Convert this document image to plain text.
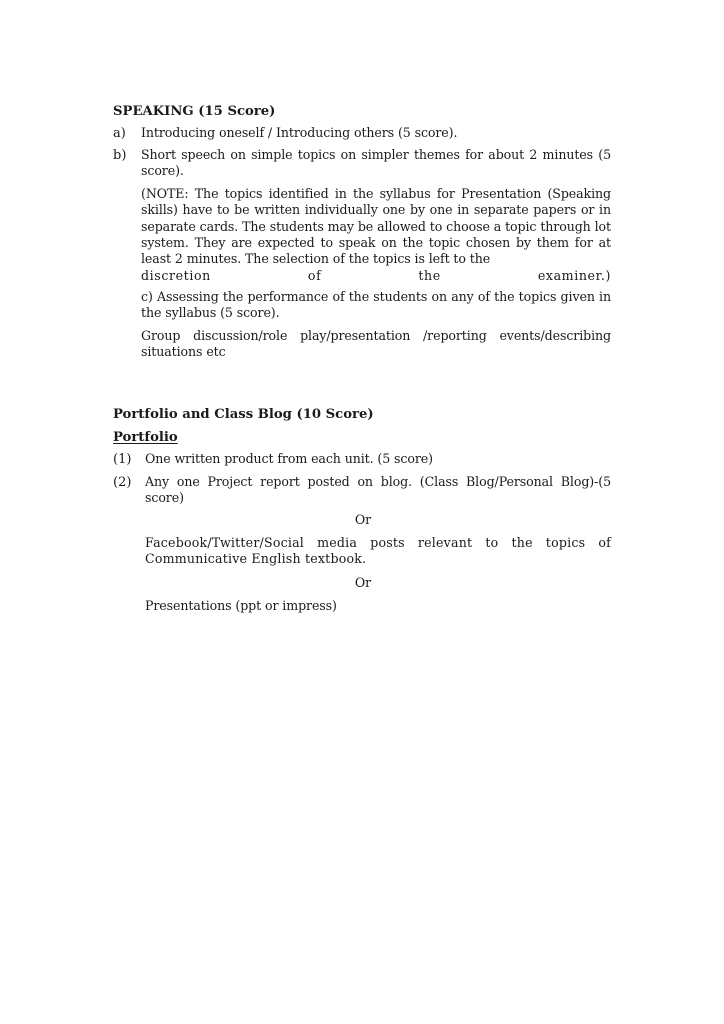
SPEAKING (15 Score)
a) Introducing oneself / Introducing others (5 score).
b) Short speech on simple topics on simpler themes for about 2 minutes (5 score).
(NOTE: The topics identified in the syllabus for Presentation (Speaking skills) have to be written individually one by one in separate papers or in separate cards. The students may be allowed to choose a topic through lot system. They are expected to speak on the topic chosen by them for at least 2 minutes. The selection of the topics is left to the
discretion	of	the	examiner.)
c) Assessing the performance of the students on any of the topics given in the syllabus (5 score).
Group discussion/role play/presentation /reporting events/describing situations etc
Portfolio and Class Blog (10 Score)
Portfolio
(1) One written product from each unit. (5 score)
(2) Any one Project report posted on blog. (Class Blog/Personal Blog)-(5 score)
Or
Facebook/Twitter/Social media posts relevant to the topics of Communicative English textbook.
Or
Presentations (ppt or impress)
